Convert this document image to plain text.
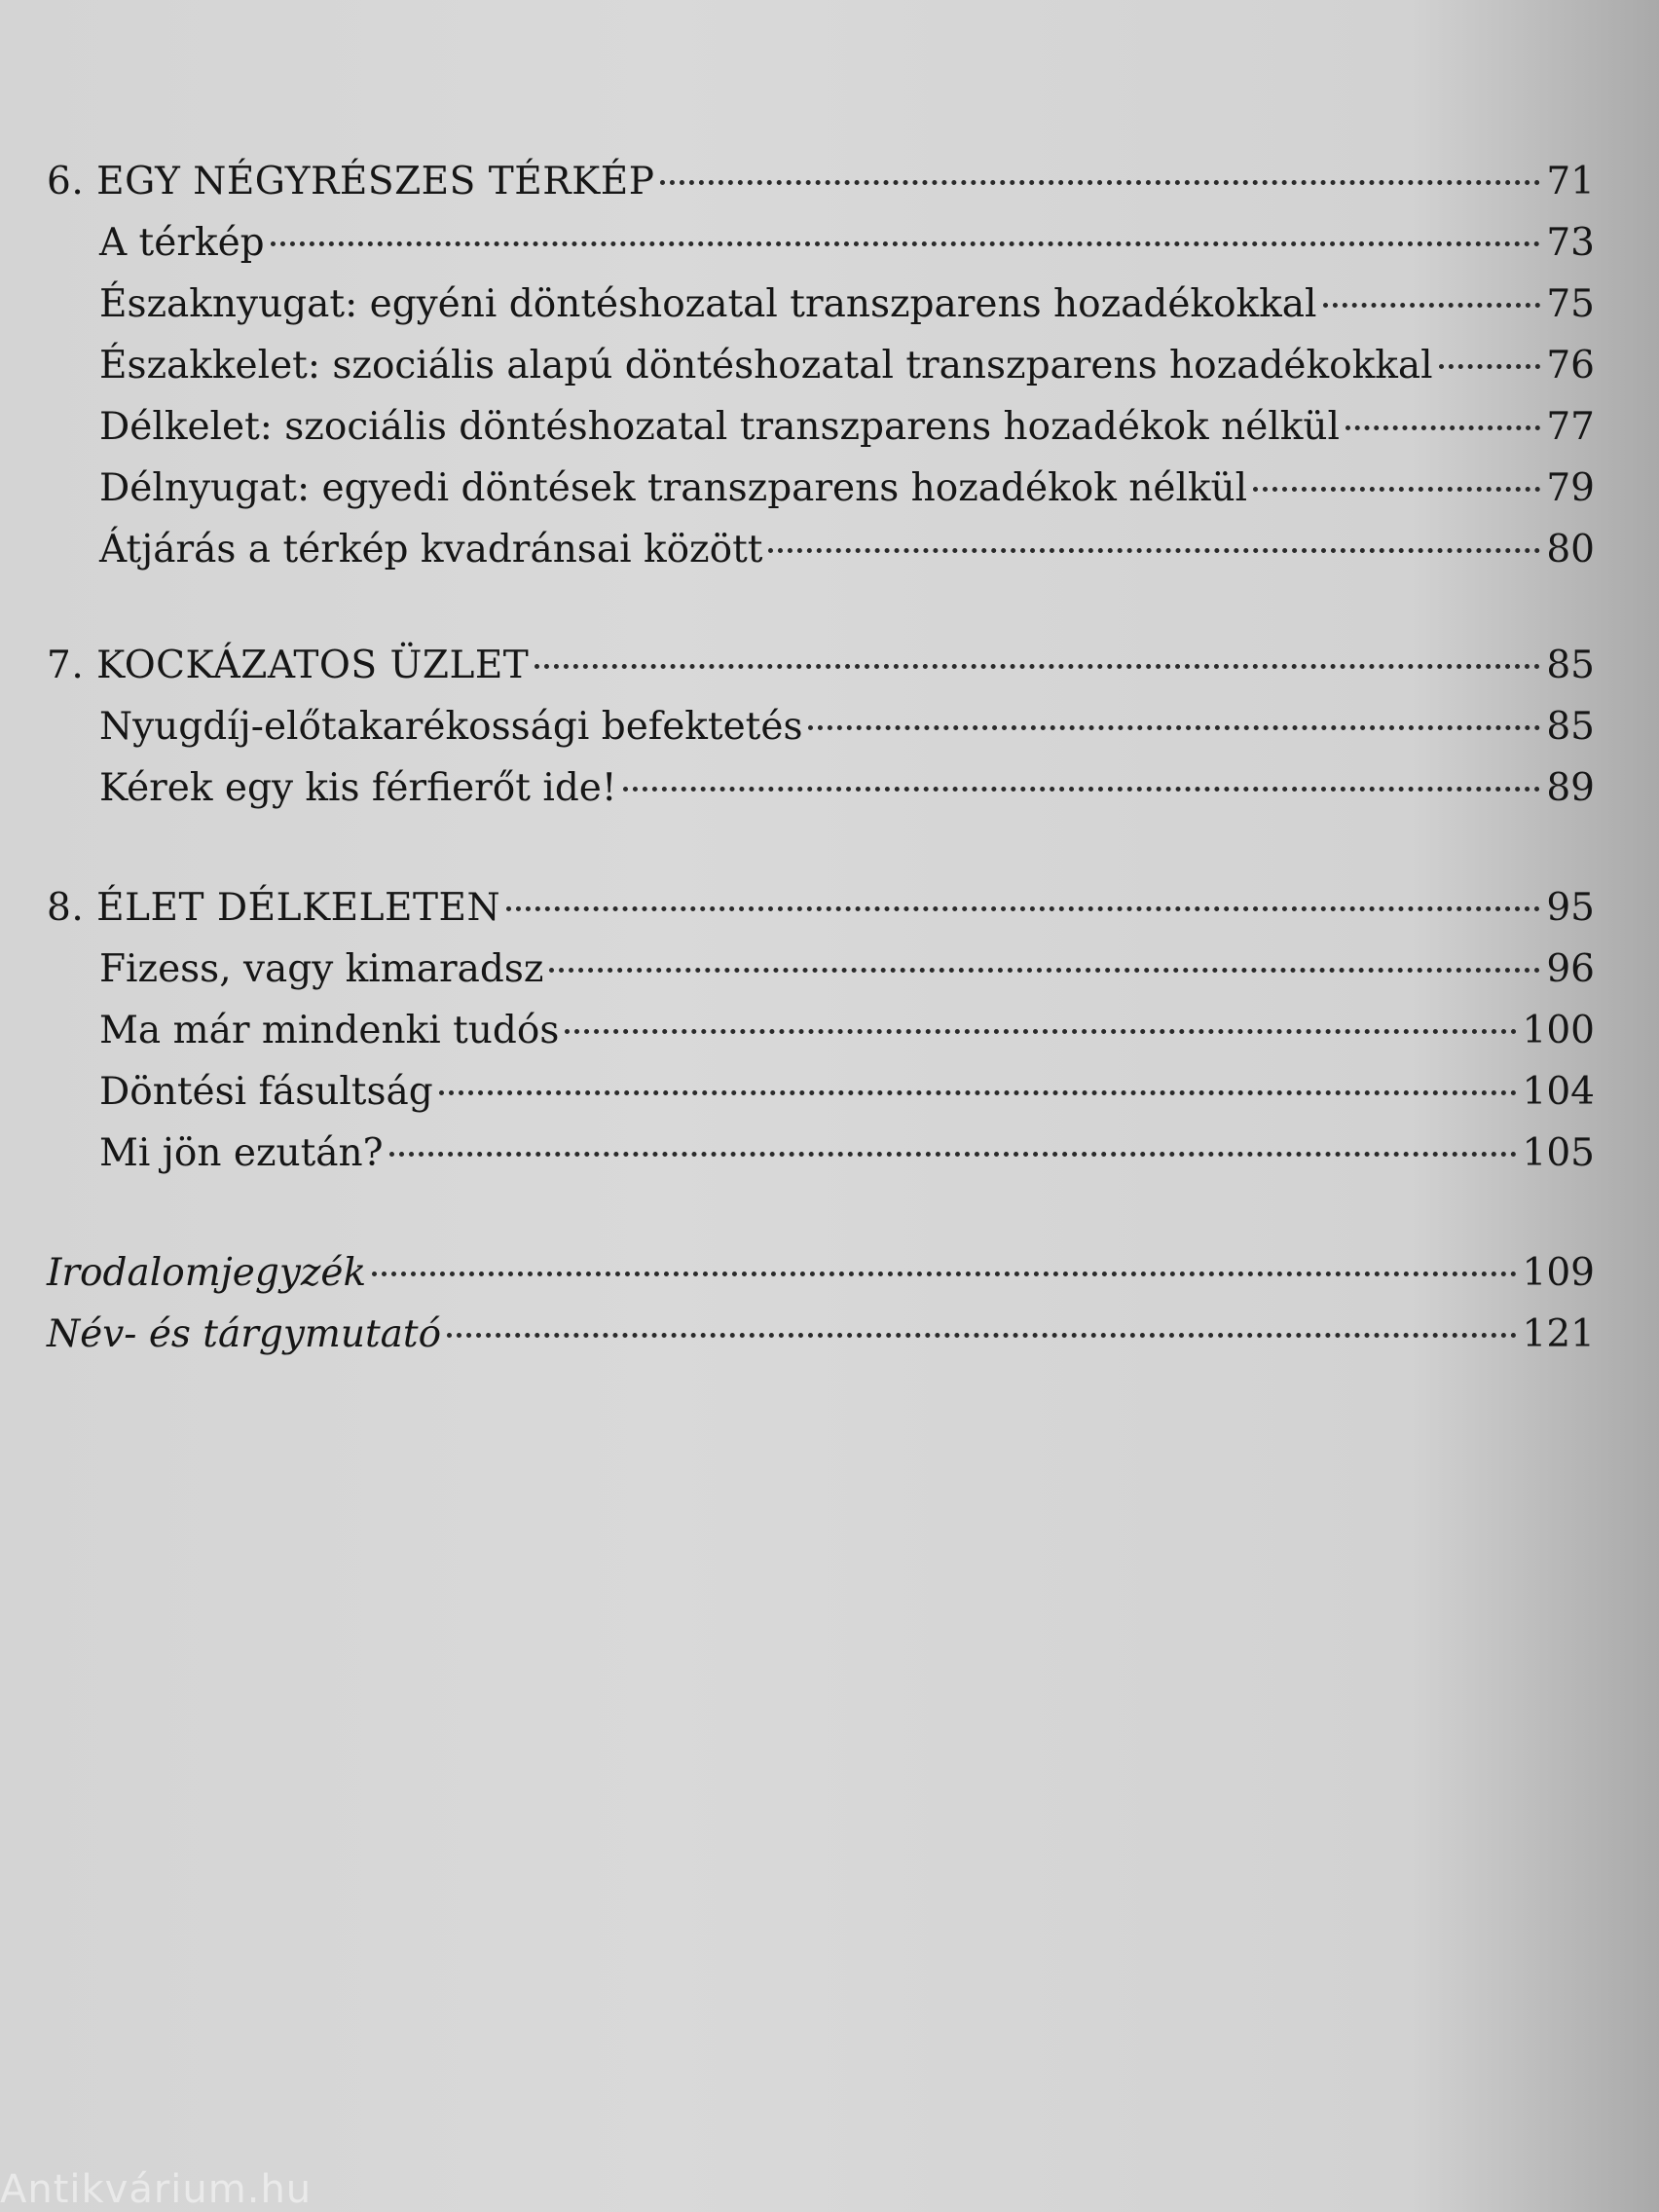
6. EGY NÉGYRÉSZES TÉRKÉP	71
A térkép	73
Északnyugat: egyéni döntéshozatal transzparens hozadékokkal	75
Északkelet: szociális alapú döntéshozatal transzparens hozadékokkal	76
Délkelet: szociális döntéshozatal transzparens hozadékok nélkül	77
Délnyugat: egyedi döntések transzparens hozadékok nélkül	79
Átjárás a térkép kvadránsai között	80
7. KOCKÁZATOS ÜZLET	85
Nyugdíj-előtakarékossági befektetés	85
Kérek egy kis férfierőt ide!	89
8. ÉLET DÉLKELETEN	95
Fizess, vagy kimaradsz	96
Ma már mindenki tudós	100
Döntési fásultság	104
Mi jön ezután?	105
Irodalomjegyzék	109
Név- és tárgymutató	121
Antikvárium.hu
